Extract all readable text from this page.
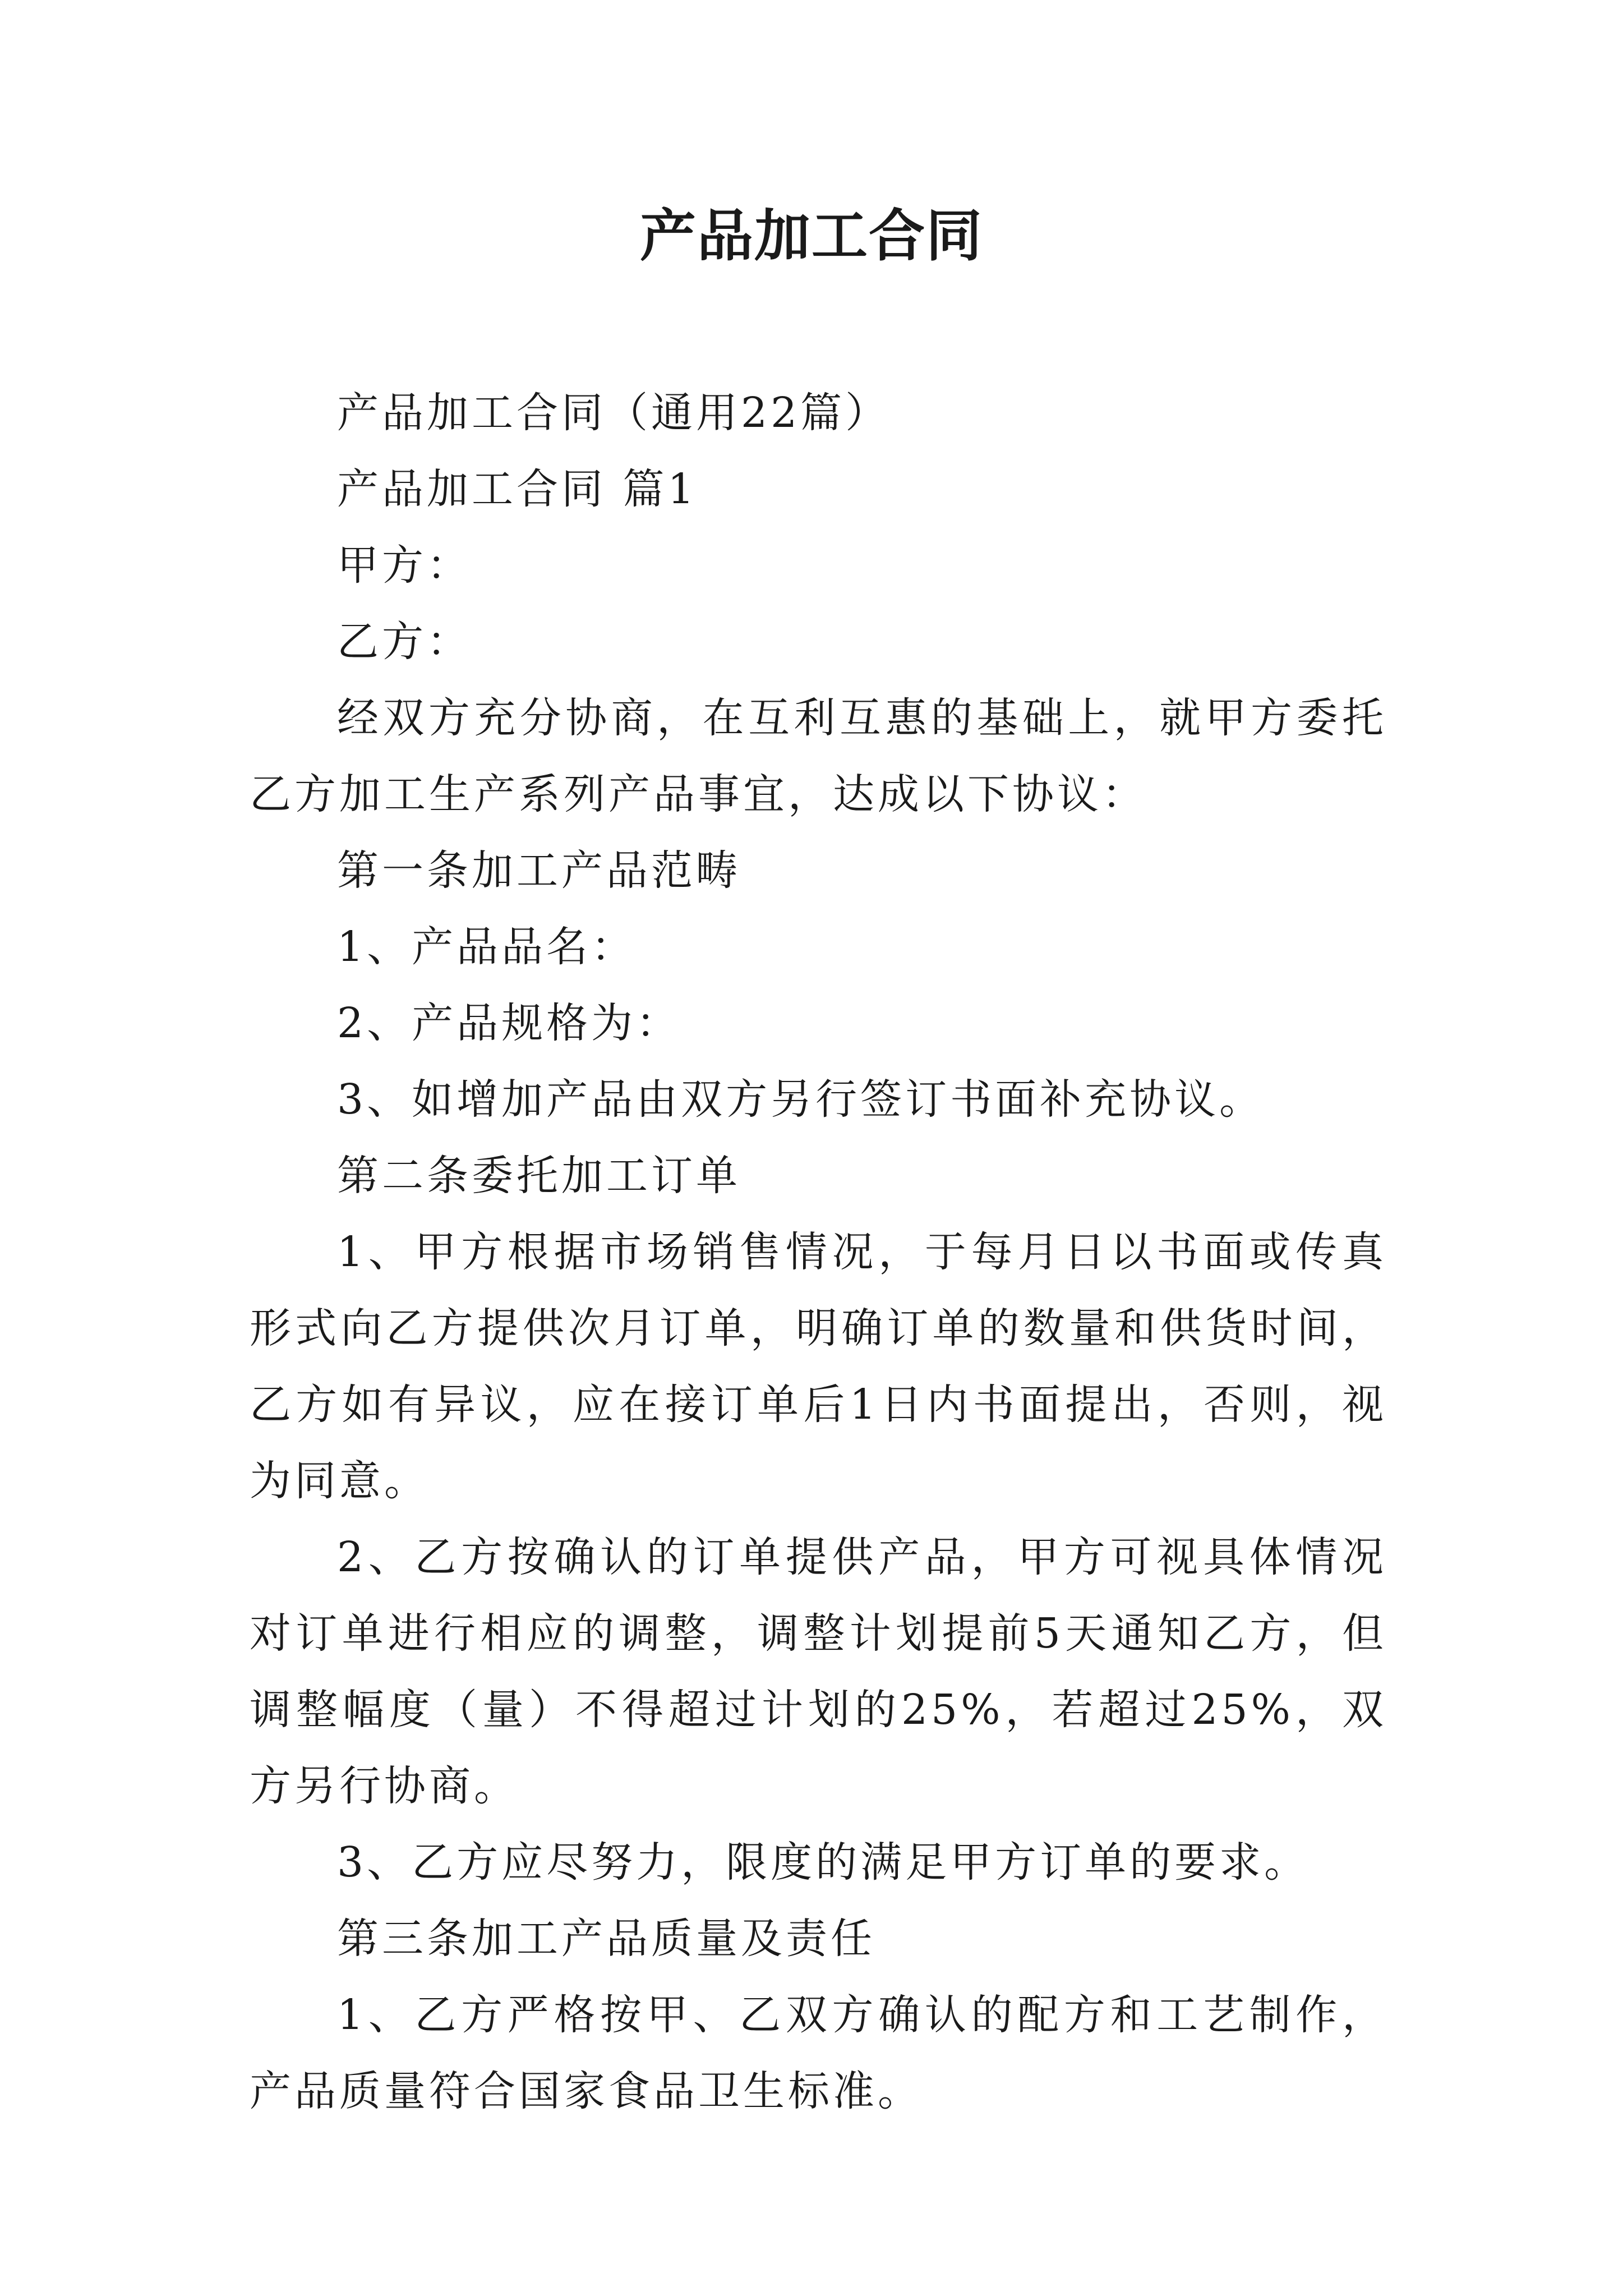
产品加工合同

产品加工合同（通用22篇）

产品加工合同 篇1

甲方：

乙方：

经双方充分协商，在互利互惠的基础上，就甲方委托乙方加工生产系列产品事宜，达成以下协议：

第一条加工产品范畴

1、产品品名：

2、产品规格为：

3、如增加产品由双方另行签订书面补充协议。

第二条委托加工订单

1、甲方根据市场销售情况，于每月日以书面或传真形式向乙方提供次月订单，明确订单的数量和供货时间，乙方如有异议，应在接订单后1日内书面提出，否则，视为同意。

2、乙方按确认的订单提供产品，甲方可视具体情况对订单进行相应的调整，调整计划提前5天通知乙方，但调整幅度（量）不得超过计划的25%，若超过25%，双方另行协商。

3、乙方应尽努力，限度的满足甲方订单的要求。

第三条加工产品质量及责任

1、乙方严格按甲、乙双方确认的配方和工艺制作，产品质量符合国家食品卫生标准。
